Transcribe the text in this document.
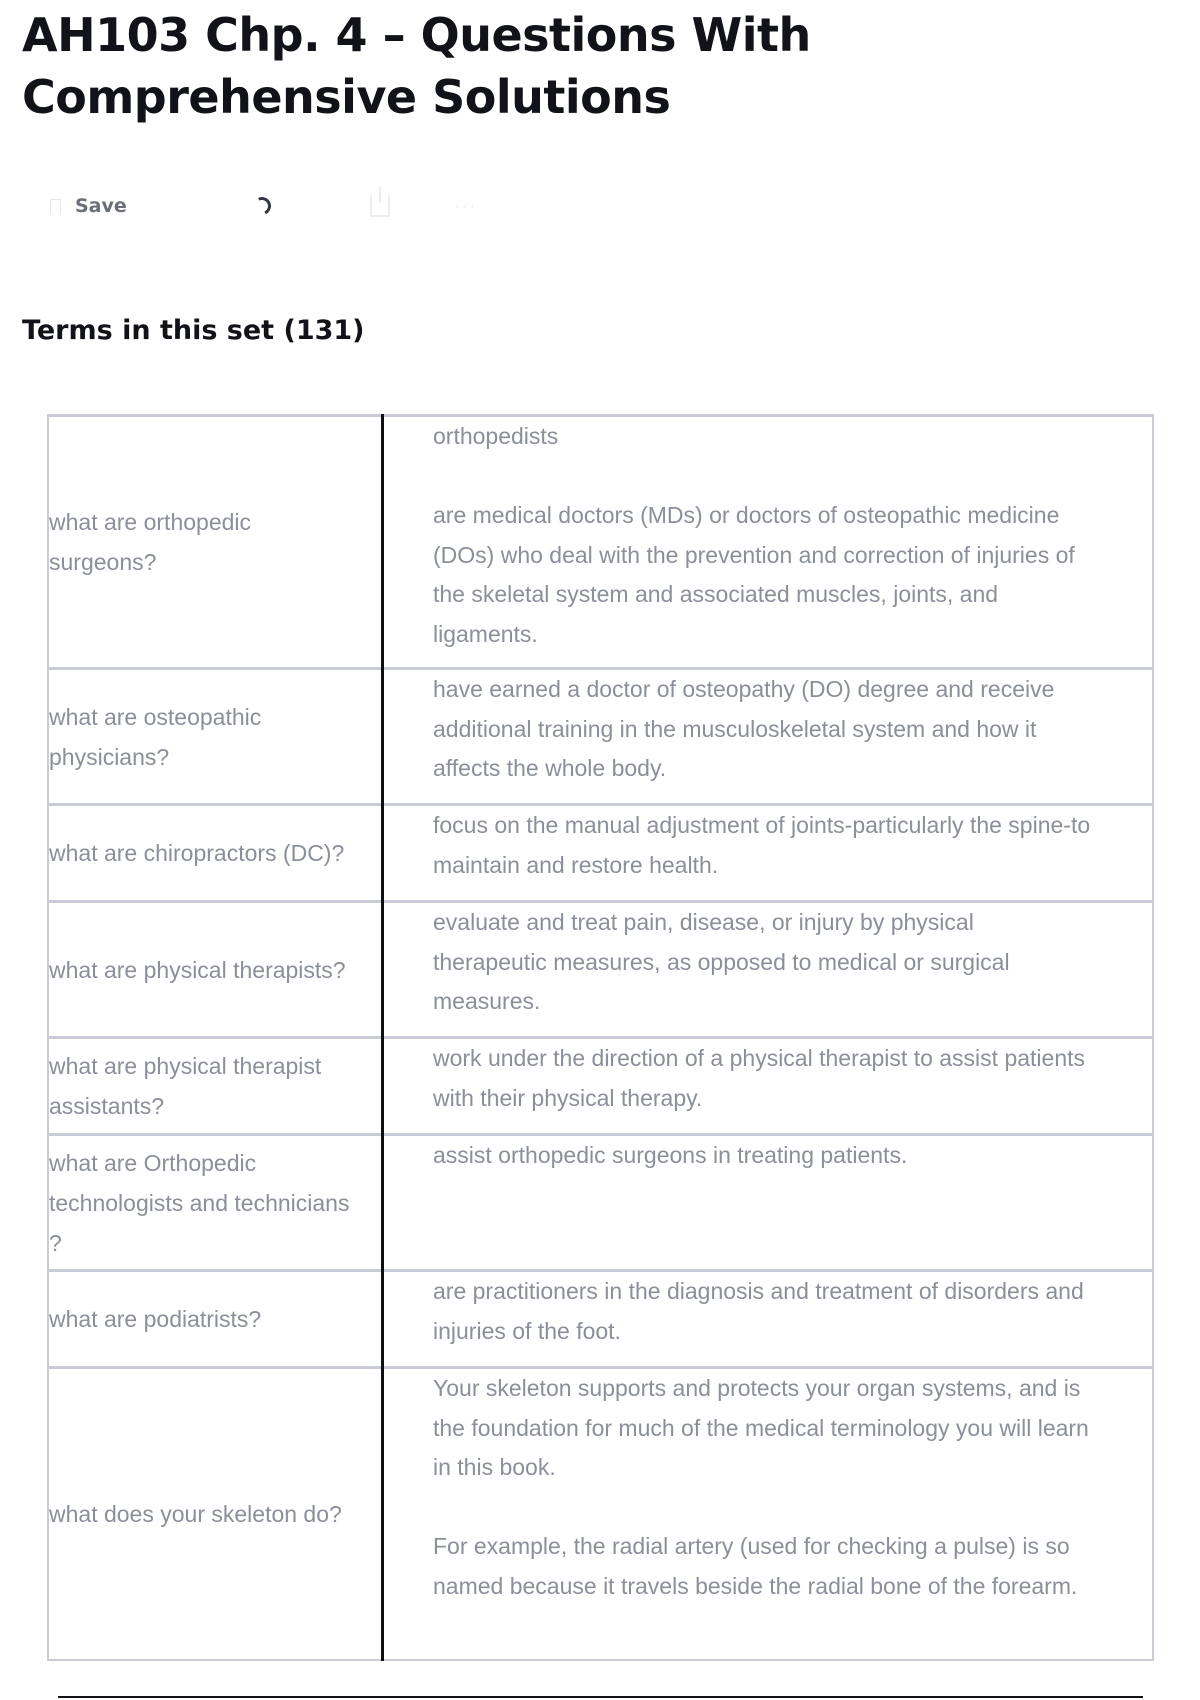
AH103 Chp. 4 – Questions With Comprehensive Solutions
Save	···
Terms in this set (131)
what are orthopedic surgeons?	orthopedists

are medical doctors (MDs) or doctors of osteopathic medicine (DOs) who deal with the prevention and correction of injuries of the skeletal system and associated muscles, joints, and ligaments.

what are osteopathic physicians?	have earned a doctor of osteopathy (DO) degree and receive additional training in the musculoskeletal system and how it affects the whole body.

what are chiropractors (DC)?	focus on the manual adjustment of joints-particularly the spine-to maintain and restore health.

what are physical therapists?	evaluate and treat pain, disease, or injury by physical therapeutic measures, as opposed to medical or surgical measures.

what are physical therapist assistants?	work under the direction of a physical therapist to assist patients with their physical therapy.

what are Orthopedic technologists and technicians ?	assist orthopedic surgeons in treating patients.

what are podiatrists?	are practitioners in the diagnosis and treatment of disorders and injuries of the foot.

what does your skeleton do?	Your skeleton supports and protects your organ systems, and is the foundation for much of the medical terminology you will learn in this book.

For example, the radial artery (used for checking a pulse) is so named because it travels beside the radial bone of the forearm.
